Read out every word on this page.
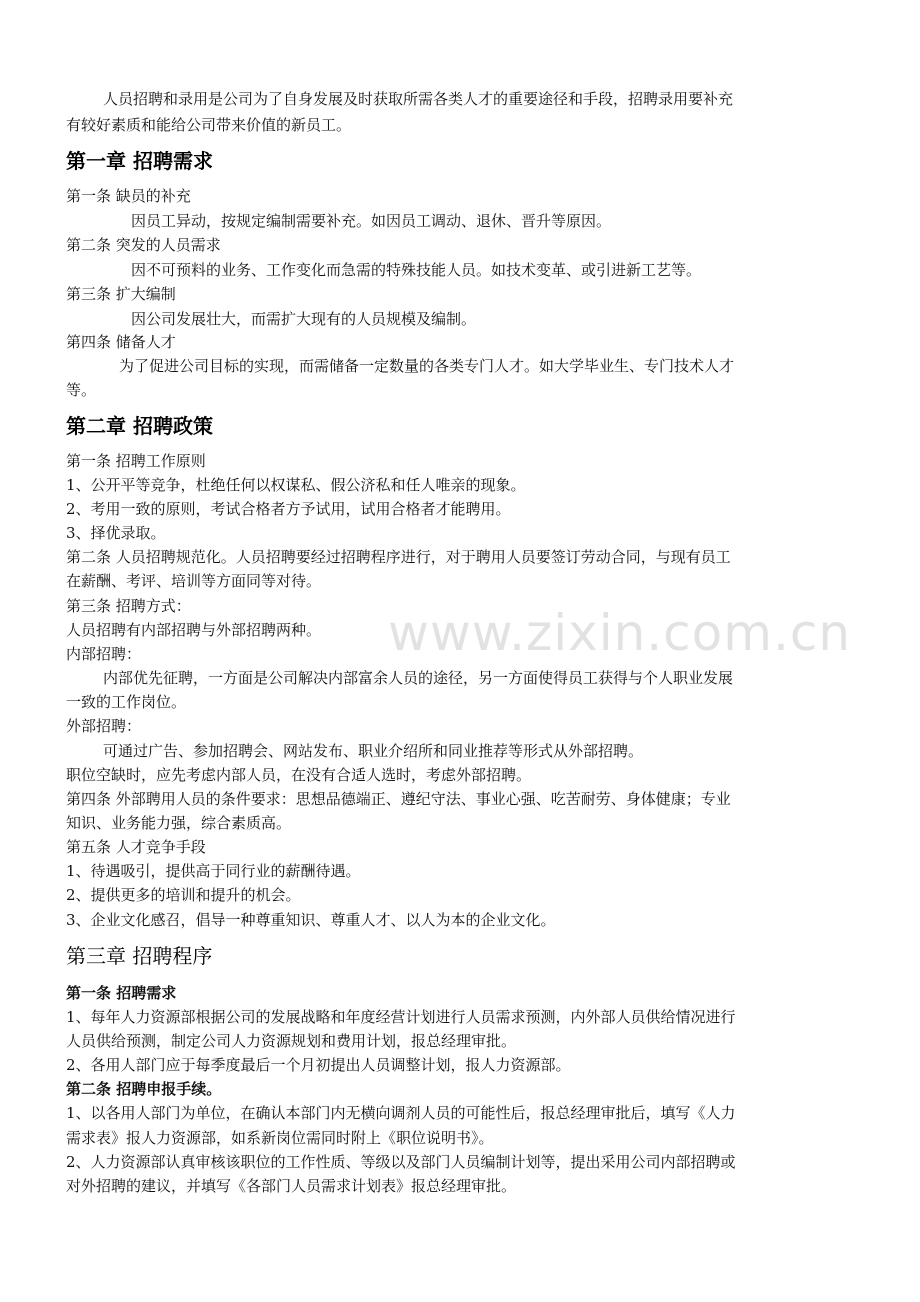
人员招聘和录用是公司为了自身发展及时获取所需各类人才的重要途径和手段，招聘录用要补充
有较好素质和能给公司带来价值的新员工。
第一章 招聘需求
第一条 缺员的补充
因员工异动，按规定编制需要补充。如因员工调动、退休、晋升等原因。
第二条 突发的人员需求
因不可预料的业务、工作变化而急需的特殊技能人员。如技术变革、或引进新工艺等。
第三条 扩大编制
因公司发展壮大，而需扩大现有的人员规模及编制。
第四条 储备人才
为了促进公司目标的实现，而需储备一定数量的各类专门人才。如大学毕业生、专门技术人才
等。
第二章 招聘政策
第一条 招聘工作原则
1、公开平等竞争，杜绝任何以权谋私、假公济私和任人唯亲的现象。
2、考用一致的原则，考试合格者方予试用，试用合格者才能聘用。
3、择优录取。
第二条 人员招聘规范化。人员招聘要经过招聘程序进行，对于聘用人员要签订劳动合同，与现有员工
在薪酬、考评、培训等方面同等对待。
第三条 招聘方式：
人员招聘有内部招聘与外部招聘两种。
内部招聘：
内部优先征聘，一方面是公司解决内部富余人员的途径，另一方面使得员工获得与个人职业发展
一致的工作岗位。
外部招聘：
可通过广告、参加招聘会、网站发布、职业介绍所和同业推荐等形式从外部招聘。
职位空缺时，应先考虑内部人员，在没有合适人选时，考虑外部招聘。
第四条 外部聘用人员的条件要求：思想品德端正、遵纪守法、事业心强、吃苦耐劳、身体健康；专业
知识、业务能力强，综合素质高。
第五条 人才竞争手段
1、待遇吸引，提供高于同行业的薪酬待遇。
2、提供更多的培训和提升的机会。
3、企业文化感召，倡导一种尊重知识、尊重人才、以人为本的企业文化。
第三章 招聘程序
第一条 招聘需求
1、每年人力资源部根据公司的发展战略和年度经营计划进行人员需求预测，内外部人员供给情况进行
人员供给预测，制定公司人力资源规划和费用计划，报总经理审批。
2、各用人部门应于每季度最后一个月初提出人员调整计划，报人力资源部。
第二条 招聘申报手续。
1、以各用人部门为单位，在确认本部门内无横向调剂人员的可能性后，报总经理审批后，填写《人力
需求表》报人力资源部，如系新岗位需同时附上《职位说明书》。
2、人力资源部认真审核该职位的工作性质、等级以及部门人员编制计划等，提出采用公司内部招聘或
对外招聘的建议，并填写《各部门人员需求计划表》报总经理审批。
www.zixin.com.cn
